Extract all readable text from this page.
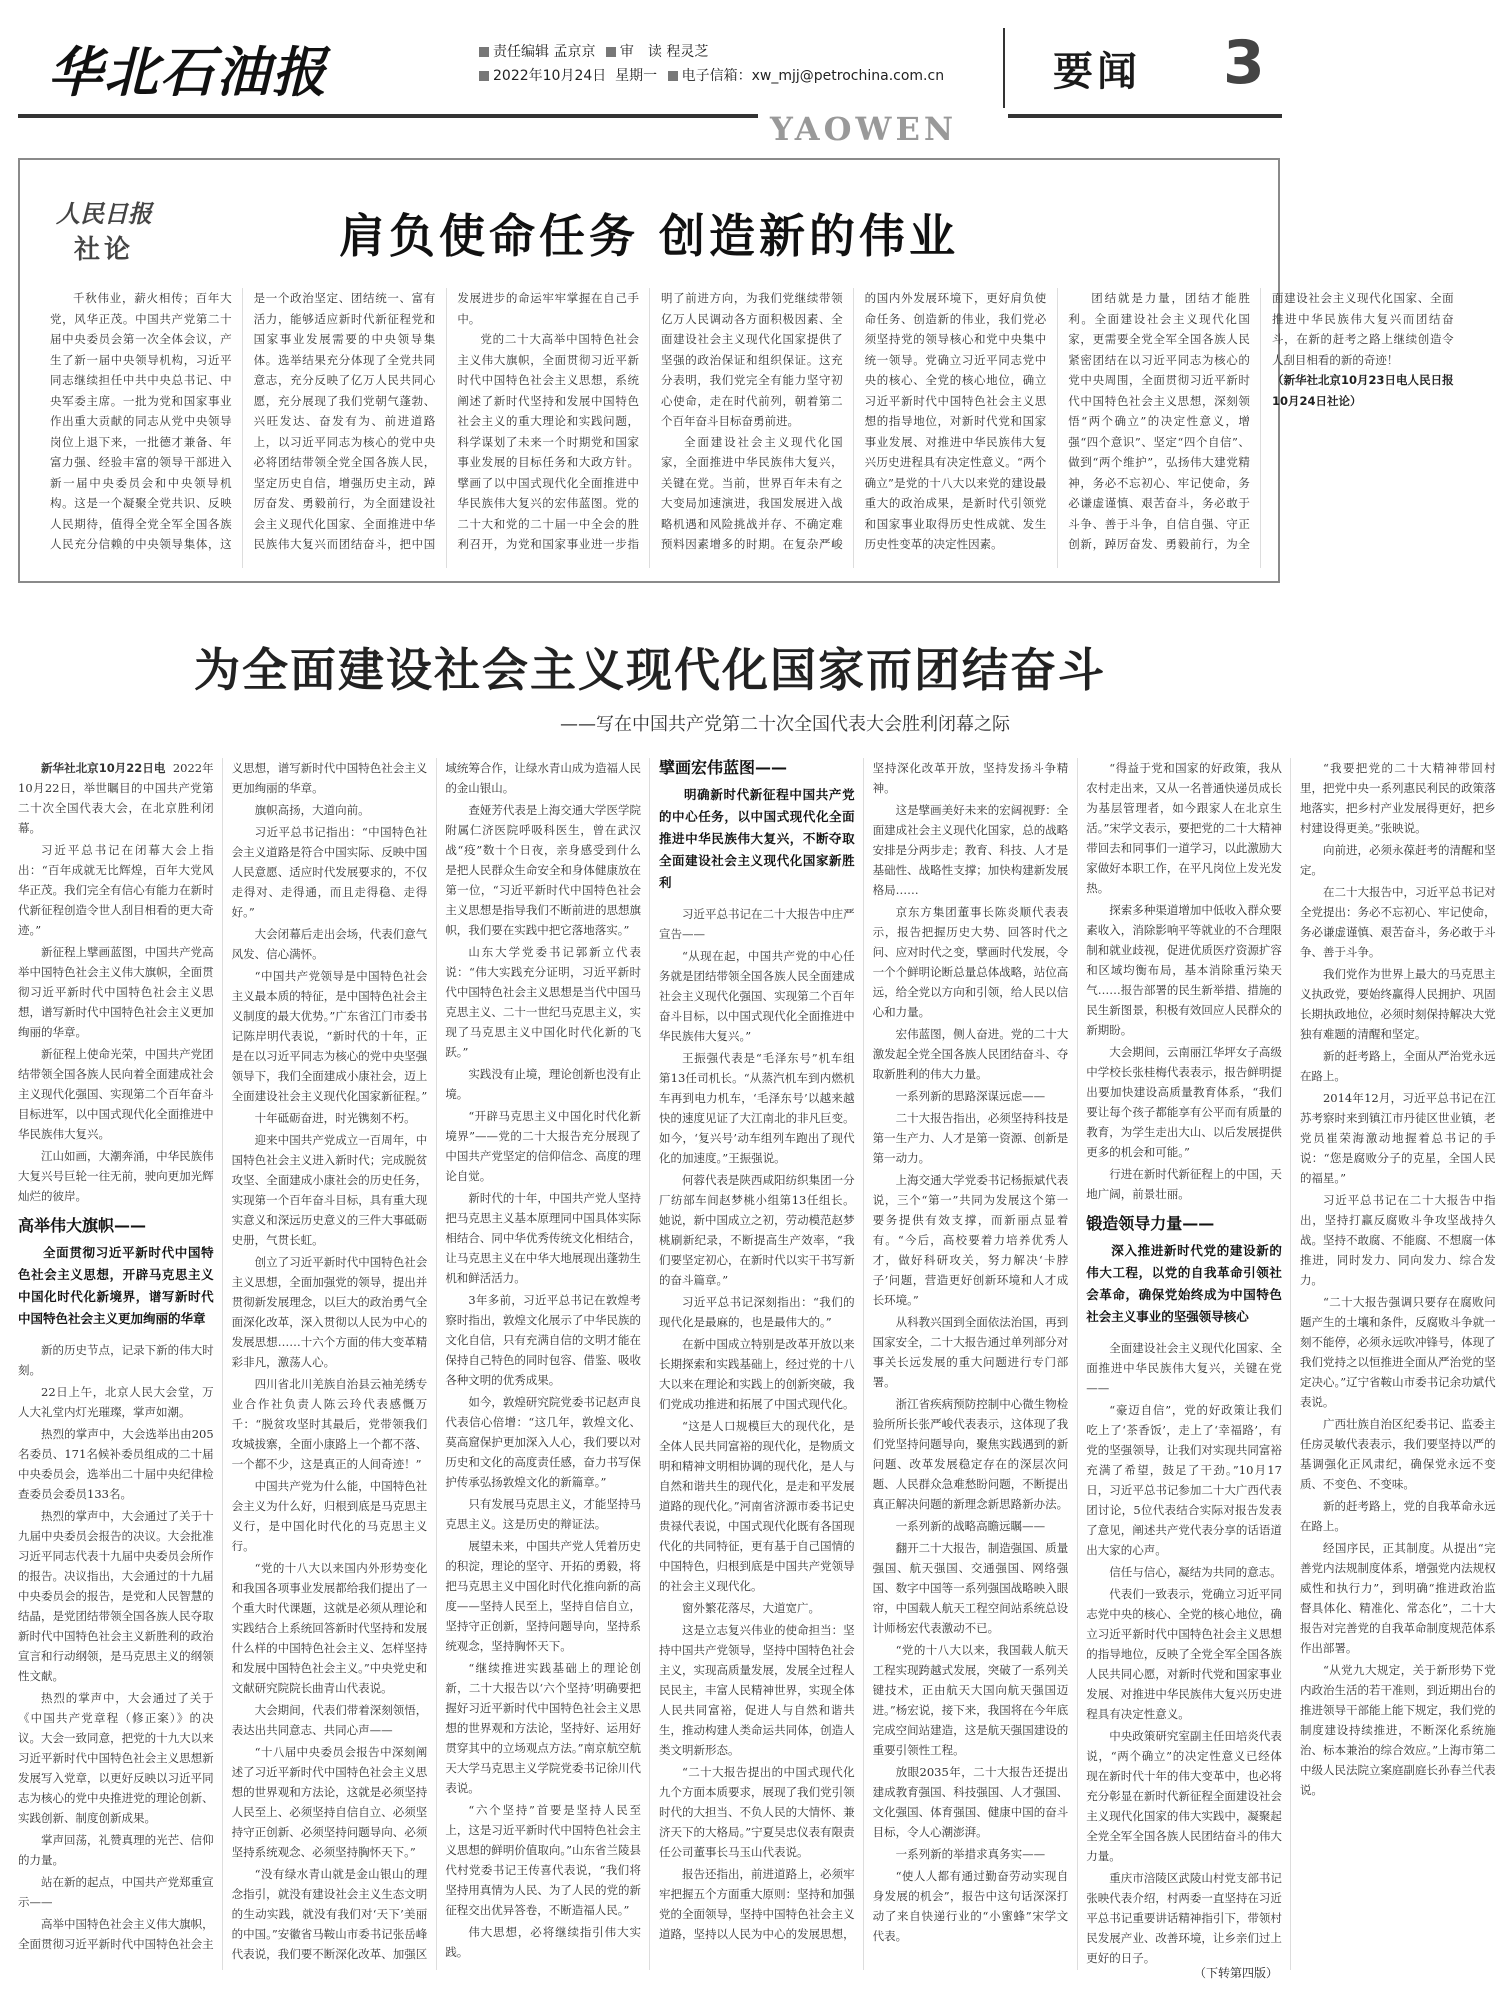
华北石油报	责任编辑 孟京京 审　读 程灵芝
2022年10月24日 星期一 电子信箱：xw_mjj@petrochina.com.cn	要闻 3
YAOWEN
人民日报
社论	肩负使命任务 创造新的伟业

千秋伟业，薪火相传；百年大党，风华正茂。中国共产党第二十届中央委员会第一次全体会议，产生了新一届中央领导机构，习近平同志继续担任中共中央总书记、中央军委主席。一批为党和国家事业作出重大贡献的同志从党中央领导岗位上退下来，一批德才兼备、年富力强、经验丰富的领导干部进入新一届中央委员会和中央领导机构。这是一个凝聚全党共识、反映人民期待，值得全党全军全国各族人民充分信赖的中央领导集体，这是一个政治坚定、团结统一、富有活力，能够适应新时代新征程党和国家事业发展需要的中央领导集体。选举结果充分体现了全党共同意志，充分反映了亿万人民共同心愿，充分展现了我们党朝气蓬勃、兴旺发达、奋发有为、前进道路上，以习近平同志为核心的党中央必将团结带领全党全国各族人民，坚定历史自信，增强历史主动，踔厉奋发、勇毅前行，为全面建设社会主义现代化国家、全面推进中华民族伟大复兴而团结奋斗，把中国发展进步的命运牢牢掌握在自己手中。

党的二十大高举中国特色社会主义伟大旗帜，全面贯彻习近平新时代中国特色社会主义思想，系统阐述了新时代坚持和发展中国特色社会主义的重大理论和实践问题，科学谋划了未来一个时期党和国家事业发展的目标任务和大政方针。擘画了以中国式现代化全面推进中华民族伟大复兴的宏伟蓝图。党的二十大和党的二十届一中全会的胜利召开，为党和国家事业进一步指明了前进方向，为我们党继续带领亿万人民调动各方面积极因素、全面建设社会主义现代化国家提供了坚强的政治保证和组织保证。这充分表明，我们党完全有能力坚守初心使命，走在时代前列，朝着第二个百年奋斗目标奋勇前进。

全面建设社会主义现代化国家，全面推进中华民族伟大复兴，关键在党。当前，世界百年未有之大变局加速演进，我国发展进入战略机遇和风险挑战并存、不确定难预料因素增多的时期。在复杂严峻的国内外发展环境下，更好肩负使命任务、创造新的伟业，我们党必须坚持党的领导核心和党中央集中统一领导。党确立习近平同志党中央的核心、全党的核心地位，确立习近平新时代中国特色社会主义思想的指导地位，对新时代党和国家事业发展、对推进中华民族伟大复兴历史进程具有决定性意义。“两个确立”是党的十八大以来党的建设最重大的政治成果，是新时代引领党和国家事业取得历史性成就、发生历史性变革的决定性因素。

团结就是力量，团结才能胜利。全面建设社会主义现代化国家，更需要全党全军全国各族人民紧密团结在以习近平同志为核心的党中央周围，全面贯彻习近平新时代中国特色社会主义思想，深刻领悟“两个确立”的决定性意义，增强“四个意识”、坚定“四个自信”、做到“两个维护”，弘扬伟大建党精神，务必不忘初心、牢记使命，务必谦虚谨慎、艰苦奋斗，务必敢于斗争、善于斗争，自信自强、守正创新，踔厉奋发、勇毅前行，为全面建设社会主义现代化国家、全面推进中华民族伟大复兴而团结奋斗，在新的赶考之路上继续创造令人刮目相看的新的奇迹！

（新华社北京10月23日电人民日报10月24日社论）

为全面建设社会主义现代化国家而团结奋斗
——写在中国共产党第二十次全国代表大会胜利闭幕之际

新华社北京10月22日电 2022年10月22日，举世瞩目的中国共产党第二十次全国代表大会，在北京胜利闭幕。

习近平总书记在闭幕大会上指出：“百年成就无比辉煌，百年大党风华正茂。我们完全有信心有能力在新时代新征程创造令世人刮目相看的更大奇迹。”

新征程上擘画蓝图，中国共产党高举中国特色社会主义伟大旗帜，全面贯彻习近平新时代中国特色社会主义思想，谱写新时代中国特色社会主义更加绚丽的华章。

新征程上使命光荣，中国共产党团结带领全国各族人民向着全面建成社会主义现代化强国、实现第二个百年奋斗目标进军，以中国式现代化全面推进中华民族伟大复兴。

江山如画，大潮奔涌，中华民族伟大复兴号巨轮一往无前，驶向更加光辉灿烂的彼岸。

高举伟大旗帜——

全面贯彻习近平新时代中国特色社会主义思想，开辟马克思主义中国化时代化新境界，谱写新时代中国特色社会主义更加绚丽的华章

新的历史节点，记录下新的伟大时刻。

22日上午，北京人民大会堂，万人大礼堂内灯光璀璨，掌声如潮。

热烈的掌声中，大会选举出由205名委员、171名候补委员组成的二十届中央委员会，选举出二十届中央纪律检查委员会委员133名。

热烈的掌声中，大会通过了关于十九届中央委员会报告的决议。大会批准习近平同志代表十九届中央委员会所作的报告。决议指出，大会通过的十九届中央委员会的报告，是党和人民智慧的结晶，是党团结带领全国各族人民夺取新时代中国特色社会主义新胜利的政治宣言和行动纲领，是马克思主义的纲领性文献。

热烈的掌声中，大会通过了关于《中国共产党章程（修正案）》的决议。大会一致同意，把党的十九大以来习近平新时代中国特色社会主义思想新发展写入党章，以更好反映以习近平同志为核心的党中央推进党的理论创新、实践创新、制度创新成果。

掌声回荡，礼赞真理的光芒、信仰的力量。

站在新的起点，中国共产党郑重宣示——

高举中国特色社会主义伟大旗帜，全面贯彻习近平新时代中国特色社会主义思想，谱写新时代中国特色社会主义更加绚丽的华章。

旗帜高扬，大道向前。

习近平总书记指出：“中国特色社会主义道路是符合中国实际、反映中国人民意愿、适应时代发展要求的，不仅走得对、走得通，而且走得稳、走得好。”

大会闭幕后走出会场，代表们意气风发、信心满怀。

“中国共产党领导是中国特色社会主义最本质的特征，是中国特色社会主义制度的最大优势。”广东省江门市委书记陈岸明代表说，“新时代的十年，正是在以习近平同志为核心的党中央坚强领导下，我们全面建成小康社会，迈上全面建设社会主义现代化国家新征程。”

十年砥砺奋进，时光镌刻不朽。

迎来中国共产党成立一百周年，中国特色社会主义进入新时代；完成脱贫攻坚、全面建成小康社会的历史任务，实现第一个百年奋斗目标，具有重大现实意义和深远历史意义的三件大事砥砺史册，气贯长虹。

创立了习近平新时代中国特色社会主义思想，全面加强党的领导，提出并贯彻新发展理念，以巨大的政治勇气全面深化改革，深入贯彻以人民为中心的发展思想……十六个方面的伟大变革精彩非凡，激荡人心。

四川省北川羌族自治县云袖羌绣专业合作社负责人陈云玲代表感慨万千：“脱贫攻坚时其最后，党带领我们攻城拔寨，全面小康路上一个都不落、一个都不少，这是真正的人间奇迹！”

中国共产党为什么能，中国特色社会主义为什么好，归根到底是马克思主义行，是中国化时代化的马克思主义行。

“党的十八大以来国内外形势变化和我国各项事业发展都给我们提出了一个重大时代课题，这就是必须从理论和实践结合上系统回答新时代坚持和发展什么样的中国特色社会主义、怎样坚持和发展中国特色社会主义。”中央党史和文献研究院院长曲青山代表说。

大会期间，代表们带着深刻领悟，表达出共同意志、共同心声——

“十八届中央委员会报告中深刻阐述了习近平新时代中国特色社会主义思想的世界观和方法论，这就是必须坚持人民至上、必须坚持自信自立、必须坚持守正创新、必须坚持问题导向、必须坚持系统观念、必须坚持胸怀天下。”

“没有绿水青山就是金山银山的理念指引，就没有建设社会主义生态文明的生动实践，就没有我们对‘天下’美丽的中国。”安徽省马鞍山市委书记张岳峰代表说，我们要不断深化改革、加强区域统筹合作，让绿水青山成为造福人民的金山银山。

查娅芳代表是上海交通大学医学院附属仁济医院呼吸科医生，曾在武汉战“疫”数十个日夜，亲身感受到什么是把人民群众生命安全和身体健康放在第一位，“习近平新时代中国特色社会主义思想是指导我们不断前进的思想旗帜，我们要在实践中把它落地落实。”

山东大学党委书记郭新立代表说：“伟大实践充分证明，习近平新时代中国特色社会主义思想是当代中国马克思主义、二十一世纪马克思主义，实现了马克思主义中国化时代化新的飞跃。”

实践没有止境，理论创新也没有止境。

“开辟马克思主义中国化时代化新境界”——党的二十大报告充分展现了中国共产党坚定的信仰信念、高度的理论自觉。

新时代的十年，中国共产党人坚持把马克思主义基本原理同中国具体实际相结合、同中华优秀传统文化相结合，让马克思主义在中华大地展现出蓬勃生机和鲜活活力。

3年多前，习近平总书记在敦煌考察时指出，敦煌文化展示了中华民族的文化自信，只有充满自信的文明才能在保持自己特色的同时包容、借鉴、吸收各种文明的优秀成果。

如今，敦煌研究院党委书记赵声良代表信心倍增：“这几年，敦煌文化、莫高窟保护更加深入人心，我们要以对历史和文化的高度责任感，奋力书写保护传承弘扬敦煌文化的新篇章。”

只有发展马克思主义，才能坚持马克思主义。这是历史的辩证法。

展望未来，中国共产党人凭着历史的积淀，理论的坚守、开拓的勇毅，将把马克思主义中国化时代化推向新的高度——坚持人民至上，坚持自信自立，坚持守正创新，坚持问题导向，坚持系统观念，坚持胸怀天下。

“继续推进实践基础上的理论创新，二十大报告以‘六个坚持’明确要把握好习近平新时代中国特色社会主义思想的世界观和方法论，坚持好、运用好贯穿其中的立场观点方法。”南京航空航天大学马克思主义学院党委书记徐川代表说。

“六个坚持”首要是坚持人民至上，这是习近平新时代中国特色社会主义思想的鲜明价值取向。”山东省兰陵县代村党委书记王传喜代表说，“我们将坚持用真情为人民、为了人民的党的新征程交出优异答卷，不断造福人民。”

伟大思想，必将继续指引伟大实践。

擘画宏伟蓝图——

明确新时代新征程中国共产党的中心任务，以中国式现代化全面推进中华民族伟大复兴，不断夺取全面建设社会主义现代化国家新胜利

习近平总书记在二十大报告中庄严宣告——

“从现在起，中国共产党的中心任务就是团结带领全国各族人民全面建成社会主义现代化强国、实现第二个百年奋斗目标，以中国式现代化全面推进中华民族伟大复兴。”

王振强代表是“毛泽东号”机车组第13任司机长。“从蒸汽机车到内燃机车再到电力机车，‘毛泽东号’以越来越快的速度见证了大江南北的非凡巨变。如今，‘复兴号’动车组列车跑出了现代化的加速度。”王振强说。

何蓉代表是陕西咸阳纺织集团一分厂纺部车间赵梦桃小组第13任组长。她说，新中国成立之初，劳动模范赵梦桃刷新纪录，不断提高生产效率，“我们要坚定初心，在新时代以实干书写新的奋斗篇章。”

习近平总书记深刻指出：“我们的现代化是最麻的，也是最伟大的。”

在新中国成立特别是改革开放以来长期探索和实践基础上，经过党的十八大以来在理论和实践上的创新突破，我们党成功推进和拓展了中国式现代化。

“这是人口规模巨大的现代化，是全体人民共同富裕的现代化，是物质文明和精神文明相协调的现代化，是人与自然和谐共生的现代化，是走和平发展道路的现代化。”河南省济源市委书记史贵禄代表说，中国式现代化既有各国现代化的共同特征，更有基于自己国情的中国特色，归根到底是中国共产党领导的社会主义现代化。

窗外繁花落尽，大道宽广。

这是立志复兴伟业的使命担当：坚持中国共产党领导，坚持中国特色社会主义，实现高质量发展，发展全过程人民民主，丰富人民精神世界，实现全体人民共同富裕，促进人与自然和谐共生，推动构建人类命运共同体，创造人类文明新形态。

“二十大报告提出的中国式现代化九个方面本质要求，展现了我们党引领时代的大担当、不负人民的大情怀、兼济天下的大格局。”宁夏吴忠仪表有限责任公司董事长马玉山代表说。

报告还指出，前进道路上，必须牢牢把握五个方面重大原则：坚持和加强党的全面领导，坚持中国特色社会主义道路，坚持以人民为中心的发展思想，坚持深化改革开放，坚持发扬斗争精神。

这是擘画美好未来的宏阔视野：全面建成社会主义现代化国家，总的战略安排是分两步走；教育、科技、人才是基础性、战略性支撑；加快构建新发展格局……

京东方集团董事长陈炎顺代表表示，报告把握历史大势、回答时代之问、应对时代之变，擘画时代发展，令一个个鲜明论断总量总体战略，站位高远，给全党以方向和引领，给人民以信心和力量。

宏伟蓝图，侧人奋进。党的二十大激发起全党全国各族人民团结奋斗、夺取新胜利的伟大力量。

一系列新的思路深谋远虑——

二十大报告指出，必须坚持科技是第一生产力、人才是第一资源、创新是第一动力。

上海交通大学党委书记杨振斌代表说，三个“第一”共同为发展这个第一要务提供有效支撑，而新丽点显着有。“今后，高校要着力培养优秀人才，做好科研攻关，努力解决‘卡脖子’问题，营造更好创新环境和人才成长环境。”

从科教兴国到全面依法治国，再到国家安全，二十大报告通过单列部分对事关长远发展的重大问题进行专门部署。

浙江省疾病预防控制中心微生物检验所所长张严峻代表表示，这体现了我们党坚持问题导向，聚焦实践遇到的新问题、改革发展稳定存在的深层次问题、人民群众急难愁盼问题，不断提出真正解决问题的新理念新思路新办法。

一系列新的战略高瞻远瞩——

翻开二十大报告，制造强国、质量强国、航天强国、交通强国、网络强国、数字中国等一系列强国战略映入眼帘，中国载人航天工程空间站系统总设计师杨宏代表激动不已。

“党的十八大以来，我国载人航天工程实现跨越式发展，突破了一系列关键技术，正由航天大国向航天强国迈进。”杨宏说，接下来，我国将在今年底完成空间站建造，这是航天强国建设的重要引领性工程。

放眼2035年，二十大报告还提出建成教育强国、科技强国、人才强国、文化强国、体育强国、健康中国的奋斗目标，令人心潮澎湃。

一系列新的举措求真务实——

“使人人都有通过勤奋劳动实现自身发展的机会”，报告中这句话深深打动了来自快递行业的“小蜜蜂”宋学文代表。

“得益于党和国家的好政策，我从农村走出来，又从一名普通快递员成长为基层管理者，如今跟家人在北京生活。”宋学文表示，要把党的二十大精神带回去和同事们一道学习，以此激励大家做好本职工作，在平凡岗位上发光发热。

探索多种渠道增加中低收入群众要素收入，消除影响平等就业的不合理限制和就业歧视，促进优质医疗资源扩容和区域均衡布局，基本消除重污染天气……报告部署的民生新举措、措施的民生新图景，积极有效回应人民群众的新期盼。

大会期间，云南丽江华坪女子高级中学校长张桂梅代表表示，报告鲜明提出要加快建设高质量教育体系，“我们要让每个孩子都能享有公平而有质量的教育，为学生走出大山、以后发展提供更多的机会和可能。”

行进在新时代新征程上的中国，天地广阔，前景壮丽。

锻造领导力量——

深入推进新时代党的建设新的伟大工程，以党的自我革命引领社会革命，确保党始终成为中国特色社会主义事业的坚强领导核心

全面建设社会主义现代化国家、全面推进中华民族伟大复兴，关键在党——

“豪迈自信”，党的好政策让我们吃上了‘茶香饭’，走上了‘幸福路’，有党的坚强领导，让我们对实现共同富裕充满了希望，鼓足了干劲。”10月17日，习近平总书记参加二十大广西代表团讨论，5位代表结合实际对报告发表了意见，阐述共产党代表分享的话语道出大家的心声。

信任与信心，凝结为共同的意志。

代表们一致表示，党确立习近平同志党中央的核心、全党的核心地位，确立习近平新时代中国特色社会主义思想的指导地位，反映了全党全军全国各族人民共同心愿，对新时代党和国家事业发展、对推进中华民族伟大复兴历史进程具有决定性意义。

中央政策研究室副主任田培炎代表说，“两个确立”的决定性意义已经体现在新时代十年的伟大变革中，也必将充分彰显在新时代新征程全面建设社会主义现代化国家的伟大实践中，凝聚起全党全军全国各族人民团结奋斗的伟大力量。

重庆市涪陵区武陵山村党支部书记张映代表介绍，村两委一直坚持在习近平总书记重要讲话精神指引下，带领村民发展产业、改善环境，让乡亲们过上更好的日子。

“我要把党的二十大精神带回村里，把党中央一系列惠民利民的政策落地落实，把乡村产业发展得更好，把乡村建设得更美。”张映说。

向前进，必须永葆赶考的清醒和坚定。

在二十大报告中，习近平总书记对全党提出：务必不忘初心、牢记使命，务必谦虚谨慎、艰苦奋斗，务必敢于斗争、善于斗争。

我们党作为世界上最大的马克思主义执政党，要始终赢得人民拥护、巩固长期执政地位，必须时刻保持解决大党独有难题的清醒和坚定。

新的赶考路上，全面从严治党永远在路上。

2014年12月，习近平总书记在江苏考察时来到镇江市丹徒区世业镇，老党员崔荣海激动地握着总书记的手说：“您是腐败分子的克星，全国人民的福星。”

习近平总书记在二十大报告中指出，坚持打赢反腐败斗争攻坚战持久战。坚持不敢腐、不能腐、不想腐一体推进，同时发力、同向发力、综合发力。

“二十大报告强调只要存在腐败问题产生的土壤和条件，反腐败斗争就一刻不能停，必须永远吹冲锋号，体现了我们党持之以恒推进全面从严治党的坚定决心。”辽宁省鞍山市委书记余功斌代表说。

广西壮族自治区纪委书记、监委主任房灵敏代表表示，我们要坚持以严的基调强化正风肃纪，确保党永远不变质、不变色、不变味。

新的赶考路上，党的自我革命永远在路上。

经国序民，正其制度。从提出“完善党内法规制度体系，增强党内法规权威性和执行力”，到明确“推进政治监督具体化、精准化、常态化”，二十大报告对完善党的自我革命制度规范体系作出部署。

“从党九大规定，关于新形势下党内政治生活的若干准则，到近期出台的推进领导干部能上能下规定，我们党的制度建设持续推进，不断深化系统施治、标本兼治的综合效应。”上海市第二中级人民法院立案庭副庭长孙春兰代表说。

（下转第四版）
